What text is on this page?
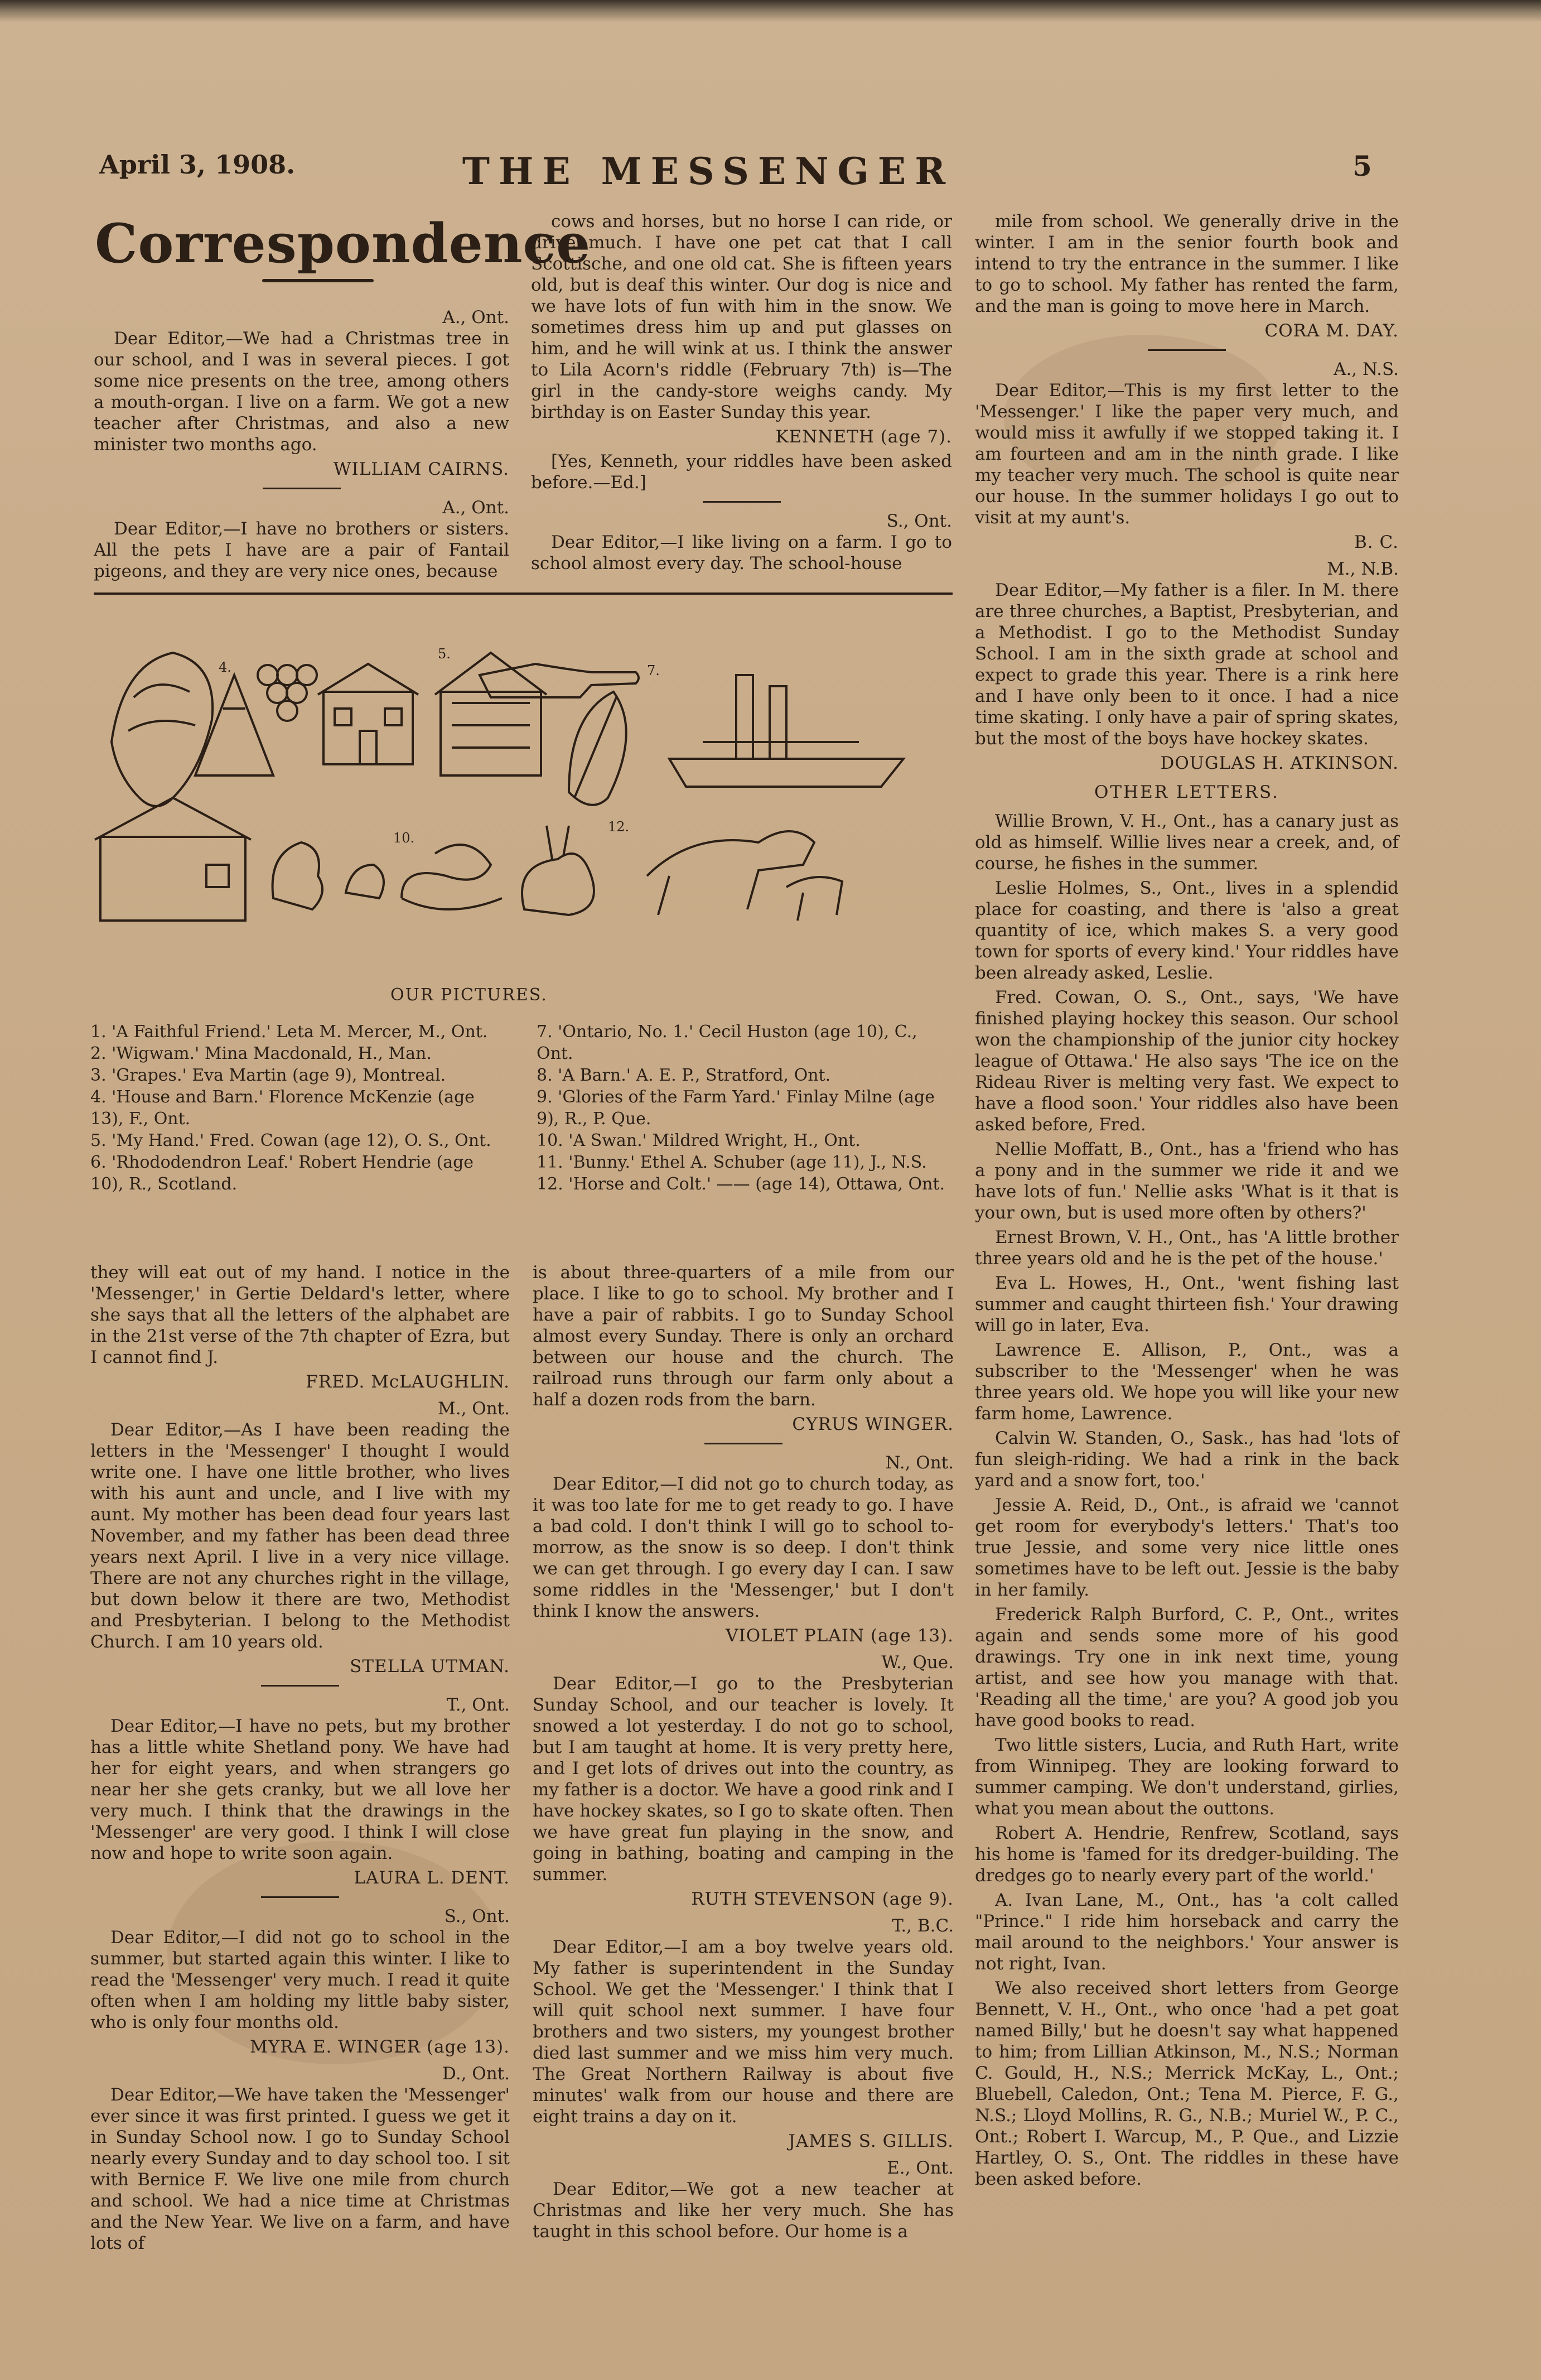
April 3, 1908.	THE MESSENGER	5
Correspondence

A., Ont.

Dear Editor,—We had a Christmas tree in our school, and I was in several pieces. I got some nice presents on the tree, among others a mouth-organ. I live on a farm. We got a new teacher after Christmas, and also a new minister two months ago.

WILLIAM CAIRNS.

A., Ont.

Dear Editor,—I have no brothers or sisters. All the pets I have are a pair of Fantail pigeons, and they are very nice ones, because

cows and horses, but no horse I can ride, or drive much. I have one pet cat that I call Scottische, and one old cat. She is fifteen years old, but is deaf this winter. Our dog is nice and we have lots of fun with him in the snow. We sometimes dress him up and put glasses on him, and he will wink at us. I think the answer to Lila Acorn's riddle (February 7th) is—The girl in the candy-store weighs candy. My birthday is on Easter Sunday this year.

KENNETH (age 7).

[Yes, Kenneth, your riddles have been asked before.—Ed.]

S., Ont.

Dear Editor,—I like living on a farm. I go to school almost every day. The school-house

mile from school. We generally drive in the winter. I am in the senior fourth book and intend to try the entrance in the summer. I like to go to school. My father has rented the farm, and the man is going to move here in March.

CORA M. DAY.

A., N.S.

Dear Editor,—This is my first letter to the 'Messenger.' I like the paper very much, and would miss it awfully if we stopped taking it. I am fourteen and am in the ninth grade. I like my teacher very much. The school is quite near our house. In the summer holidays I go out to visit at my aunt's.

B. C.

M., N.B.

Dear Editor,—My father is a filer. In M. there are three churches, a Baptist, Presbyterian, and a Methodist. I go to the Methodist Sunday School. I am in the sixth grade at school and expect to grade this year. There is a rink here and I have only been to it once. I had a nice time skating. I only have a pair of spring skates, but the most of the boys have hockey skates.

DOUGLAS H. ATKINSON.

OTHER LETTERS.

Willie Brown, V. H., Ont., has a canary just as old as himself. Willie lives near a creek, and, of course, he fishes in the summer.

Leslie Holmes, S., Ont., lives in a splendid place for coasting, and there is 'also a great quantity of ice, which makes S. a very good town for sports of every kind.' Your riddles have been already asked, Leslie.

Fred. Cowan, O. S., Ont., says, 'We have finished playing hockey this season. Our school won the championship of the junior city hockey league of Ottawa.' He also says 'The ice on the Rideau River is melting very fast. We expect to have a flood soon.' Your riddles also have been asked before, Fred.

Nellie Moffatt, B., Ont., has a 'friend who has a pony and in the summer we ride it and we have lots of fun.' Nellie asks 'What is it that is your own, but is used more often by others?'

Ernest Brown, V. H., Ont., has 'A little brother three years old and he is the pet of the house.'

Eva L. Howes, H., Ont., 'went fishing last summer and caught thirteen fish.' Your drawing will go in later, Eva.

Lawrence E. Allison, P., Ont., was a subscriber to the 'Messenger' when he was three years old. We hope you will like your new farm home, Lawrence.

Calvin W. Standen, O., Sask., has had 'lots of fun sleigh-riding. We had a rink in the back yard and a snow fort, too.'

Jessie A. Reid, D., Ont., is afraid we 'cannot get room for everybody's letters.' That's too true Jessie, and some very nice little ones sometimes have to be left out. Jessie is the baby in her family.

Frederick Ralph Burford, C. P., Ont., writes again and sends some more of his good drawings. Try one in ink next time, young artist, and see how you manage with that. 'Reading all the time,' are you? A good job you have good books to read.

Two little sisters, Lucia, and Ruth Hart, write from Winnipeg. They are looking forward to summer camping. We don't understand, girlies, what you mean about the outtons.

Robert A. Hendrie, Renfrew, Scotland, says his home is 'famed for its dredger-building. The dredges go to nearly every part of the world.'

A. Ivan Lane, M., Ont., has 'a colt called "Prince." I ride him horseback and carry the mail around to the neighbors.' Your answer is not right, Ivan.

We also received short letters from George Bennett, V. H., Ont., who once 'had a pet goat named Billy,' but he doesn't say what happened to him; from Lillian Atkinson, M., N.S.; Norman C. Gould, H., N.S.; Merrick McKay, L., Ont.; Bluebell, Caledon, Ont.; Tena M. Pierce, F. G., N.S.; Lloyd Mollins, R. G., N.B.; Muriel W., P. C., Ont.; Robert I. Warcup, M., P. Que., and Lizzie Hartley, O. S., Ont. The riddles in these have been asked before.

4.
5.
7.
10.
12.
OUR PICTURES.

1. 'A Faithful Friend.' Leta M. Mercer, M., Ont.

2. 'Wigwam.' Mina Macdonald, H., Man.

3. 'Grapes.' Eva Martin (age 9), Montreal.

4. 'House and Barn.' Florence McKenzie (age 13), F., Ont.

5. 'My Hand.' Fred. Cowan (age 12), O. S., Ont.

6. 'Rhododendron Leaf.' Robert Hendrie (age 10), R., Scotland.

7. 'Ontario, No. 1.' Cecil Huston (age 10), C., Ont.

8. 'A Barn.' A. E. P., Stratford, Ont.

9. 'Glories of the Farm Yard.' Finlay Milne (age 9), R., P. Que.

10. 'A Swan.' Mildred Wright, H., Ont.

11. 'Bunny.' Ethel A. Schuber (age 11), J., N.S.

12. 'Horse and Colt.' —— (age 14), Ottawa, Ont.

they will eat out of my hand. I notice in the 'Messenger,' in Gertie Deldard's letter, where she says that all the letters of the alphabet are in the 21st verse of the 7th chapter of Ezra, but I cannot find J.

FRED. McLAUGHLIN.

M., Ont.

Dear Editor,—As I have been reading the letters in the 'Messenger' I thought I would write one. I have one little brother, who lives with his aunt and uncle, and I live with my aunt. My mother has been dead four years last November, and my father has been dead three years next April. I live in a very nice village. There are not any churches right in the village, but down below it there are two, Methodist and Presbyterian. I belong to the Methodist Church. I am 10 years old.

STELLA UTMAN.

T., Ont.

Dear Editor,—I have no pets, but my brother has a little white Shetland pony. We have had her for eight years, and when strangers go near her she gets cranky, but we all love her very much. I think that the drawings in the 'Messenger' are very good. I think I will close now and hope to write soon again.

LAURA L. DENT.

S., Ont.

Dear Editor,—I did not go to school in the summer, but started again this winter. I like to read the 'Messenger' very much. I read it quite often when I am holding my little baby sister, who is only four months old.

MYRA E. WINGER (age 13).

D., Ont.

Dear Editor,—We have taken the 'Messenger' ever since it was first printed. I guess we get it in Sunday School now. I go to Sunday School nearly every Sunday and to day school too. I sit with Bernice F. We live one mile from church and school. We had a nice time at Christmas and the New Year. We live on a farm, and have lots of

is about three-quarters of a mile from our place. I like to go to school. My brother and I have a pair of rabbits. I go to Sunday School almost every Sunday. There is only an orchard between our house and the church. The railroad runs through our farm only about a half a dozen rods from the barn.

CYRUS WINGER.

N., Ont.

Dear Editor,—I did not go to church today, as it was too late for me to get ready to go. I have a bad cold. I don't think I will go to school to-morrow, as the snow is so deep. I don't think we can get through. I go every day I can. I saw some riddles in the 'Messenger,' but I don't think I know the answers.

VIOLET PLAIN (age 13).

W., Que.

Dear Editor,—I go to the Presbyterian Sunday School, and our teacher is lovely. It snowed a lot yesterday. I do not go to school, but I am taught at home. It is very pretty here, and I get lots of drives out into the country, as my father is a doctor. We have a good rink and I have hockey skates, so I go to skate often. Then we have great fun playing in the snow, and going in bathing, boating and camping in the summer.

RUTH STEVENSON (age 9).

T., B.C.

Dear Editor,—I am a boy twelve years old. My father is superintendent in the Sunday School. We get the 'Messenger.' I think that I will quit school next summer. I have four brothers and two sisters, my youngest brother died last summer and we miss him very much. The Great Northern Railway is about five minutes' walk from our house and there are eight trains a day on it.

JAMES S. GILLIS.

E., Ont.

Dear Editor,—We got a new teacher at Christmas and like her very much. She has taught in this school before. Our home is a
